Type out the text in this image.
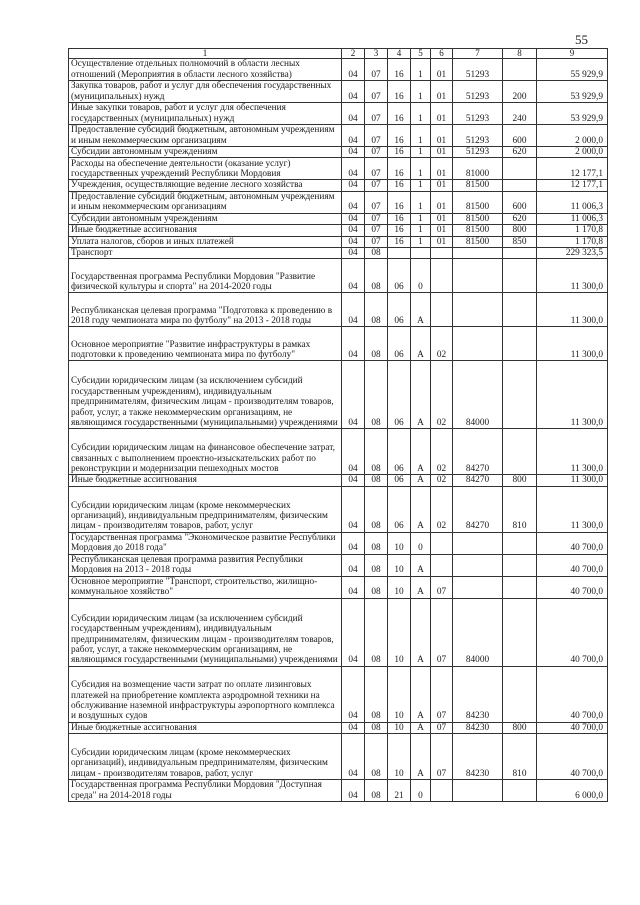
55
1	2	3	4	5	6	7	8	9
Осуществление отдельных полномочий в области лесных отношений (Мероприятия в области лесного хозяйства)	04	07	16	1	01	51293		55 929,9
Закупка товаров, работ и услуг для обеспечения государственных (муниципальных) нужд	04	07	16	1	01	51293	200	53 929,9
Иные закупки товаров, работ и услуг для обеспечения государственных (муниципальных) нужд	04	07	16	1	01	51293	240	53 929,9
Предоставление субсидий бюджетным, автономным учреждениям и иным некоммерческим организациям	04	07	16	1	01	51293	600	2 000,0
Субсидии автономным учреждениям	04	07	16	1	01	51293	620	2 000,0
Расходы на обеспечение деятельности (оказание услуг) государственных учреждений Республики Мордовия	04	07	16	1	01	81000		12 177,1
Учреждения, осуществляющие ведение лесного хозяйства	04	07	16	1	01	81500		12 177,1
Предоставление субсидий бюджетным, автономным учреждениям и иным некоммерческим организациям	04	07	16	1	01	81500	600	11 006,3
Субсидии автономным учреждениям	04	07	16	1	01	81500	620	11 006,3
Иные бюджетные ассигнования	04	07	16	1	01	81500	800	1 170,8
Уплата налогов, сборов и иных платежей	04	07	16	1	01	81500	850	1 170,8
Транспорт	04	08						229 323,5
Государственная программа Республики Мордовия "Развитие физической культуры и спорта" на 2014-2020 годы	04	08	06	0				11 300,0
Республиканская целевая программа "Подготовка к проведению в 2018 году чемпионата мира по футболу" на 2013 - 2018 годы	04	08	06	А				11 300,0
Основное мероприятие "Развитие инфраструктуры в рамках подготовки к проведению чемпионата мира по футболу"	04	08	06	А	02			11 300,0
Субсидии юридическим лицам (за исключением субсидий государственным учреждениям), индивидуальным предпринимателям, физическим лицам - производителям товаров, работ, услуг, а также некоммерческим организациям, не являющимся государственными (муниципальными) учреждениями	04	08	06	А	02	84000		11 300,0
Субсидии юридическим лицам на финансовое обеспечение затрат, связанных с выполнением проектно-изыскательских работ по реконструкции и модернизации пешеходных мостов	04	08	06	А	02	84270		11 300,0
Иные бюджетные ассигнования	04	08	06	А	02	84270	800	11 300,0
Субсидии юридическим лицам (кроме некоммерческих организаций), индивидуальным предпринимателям, физическим лицам - производителям товаров, работ, услуг	04	08	06	А	02	84270	810	11 300,0
Государственная программа "Экономическое развитие Республики Мордовия до 2018 года"	04	08	10	0				40 700,0
Республиканская целевая программа развития Республики Мордовия на 2013 - 2018 годы	04	08	10	А				40 700,0
Основное мероприятие "Транспорт, строительство, жилищно-коммунальное хозяйство"	04	08	10	А	07			40 700,0
Субсидии юридическим лицам (за исключением субсидий государственным учреждениям), индивидуальным предпринимателям, физическим лицам - производителям товаров, работ, услуг, а также некоммерческим организациям, не являющимся государственными (муниципальными) учреждениями	04	08	10	А	07	84000		40 700,0
Субсидия на возмещение части затрат по оплате лизинговых платежей на приобретение комплекта аэродромной техники на обслуживание наземной инфраструктуры аэропортного комплекса и воздушных судов	04	08	10	А	07	84230		40 700,0
Иные бюджетные ассигнования	04	08	10	А	07	84230	800	40 700,0
Субсидии юридическим лицам (кроме некоммерческих организаций), индивидуальным предпринимателям, физическим лицам - производителям товаров, работ, услуг	04	08	10	А	07	84230	810	40 700,0
Государственная программа Республики Мордовия "Доступная среда" на 2014-2018 годы	04	08	21	0				6 000,0
